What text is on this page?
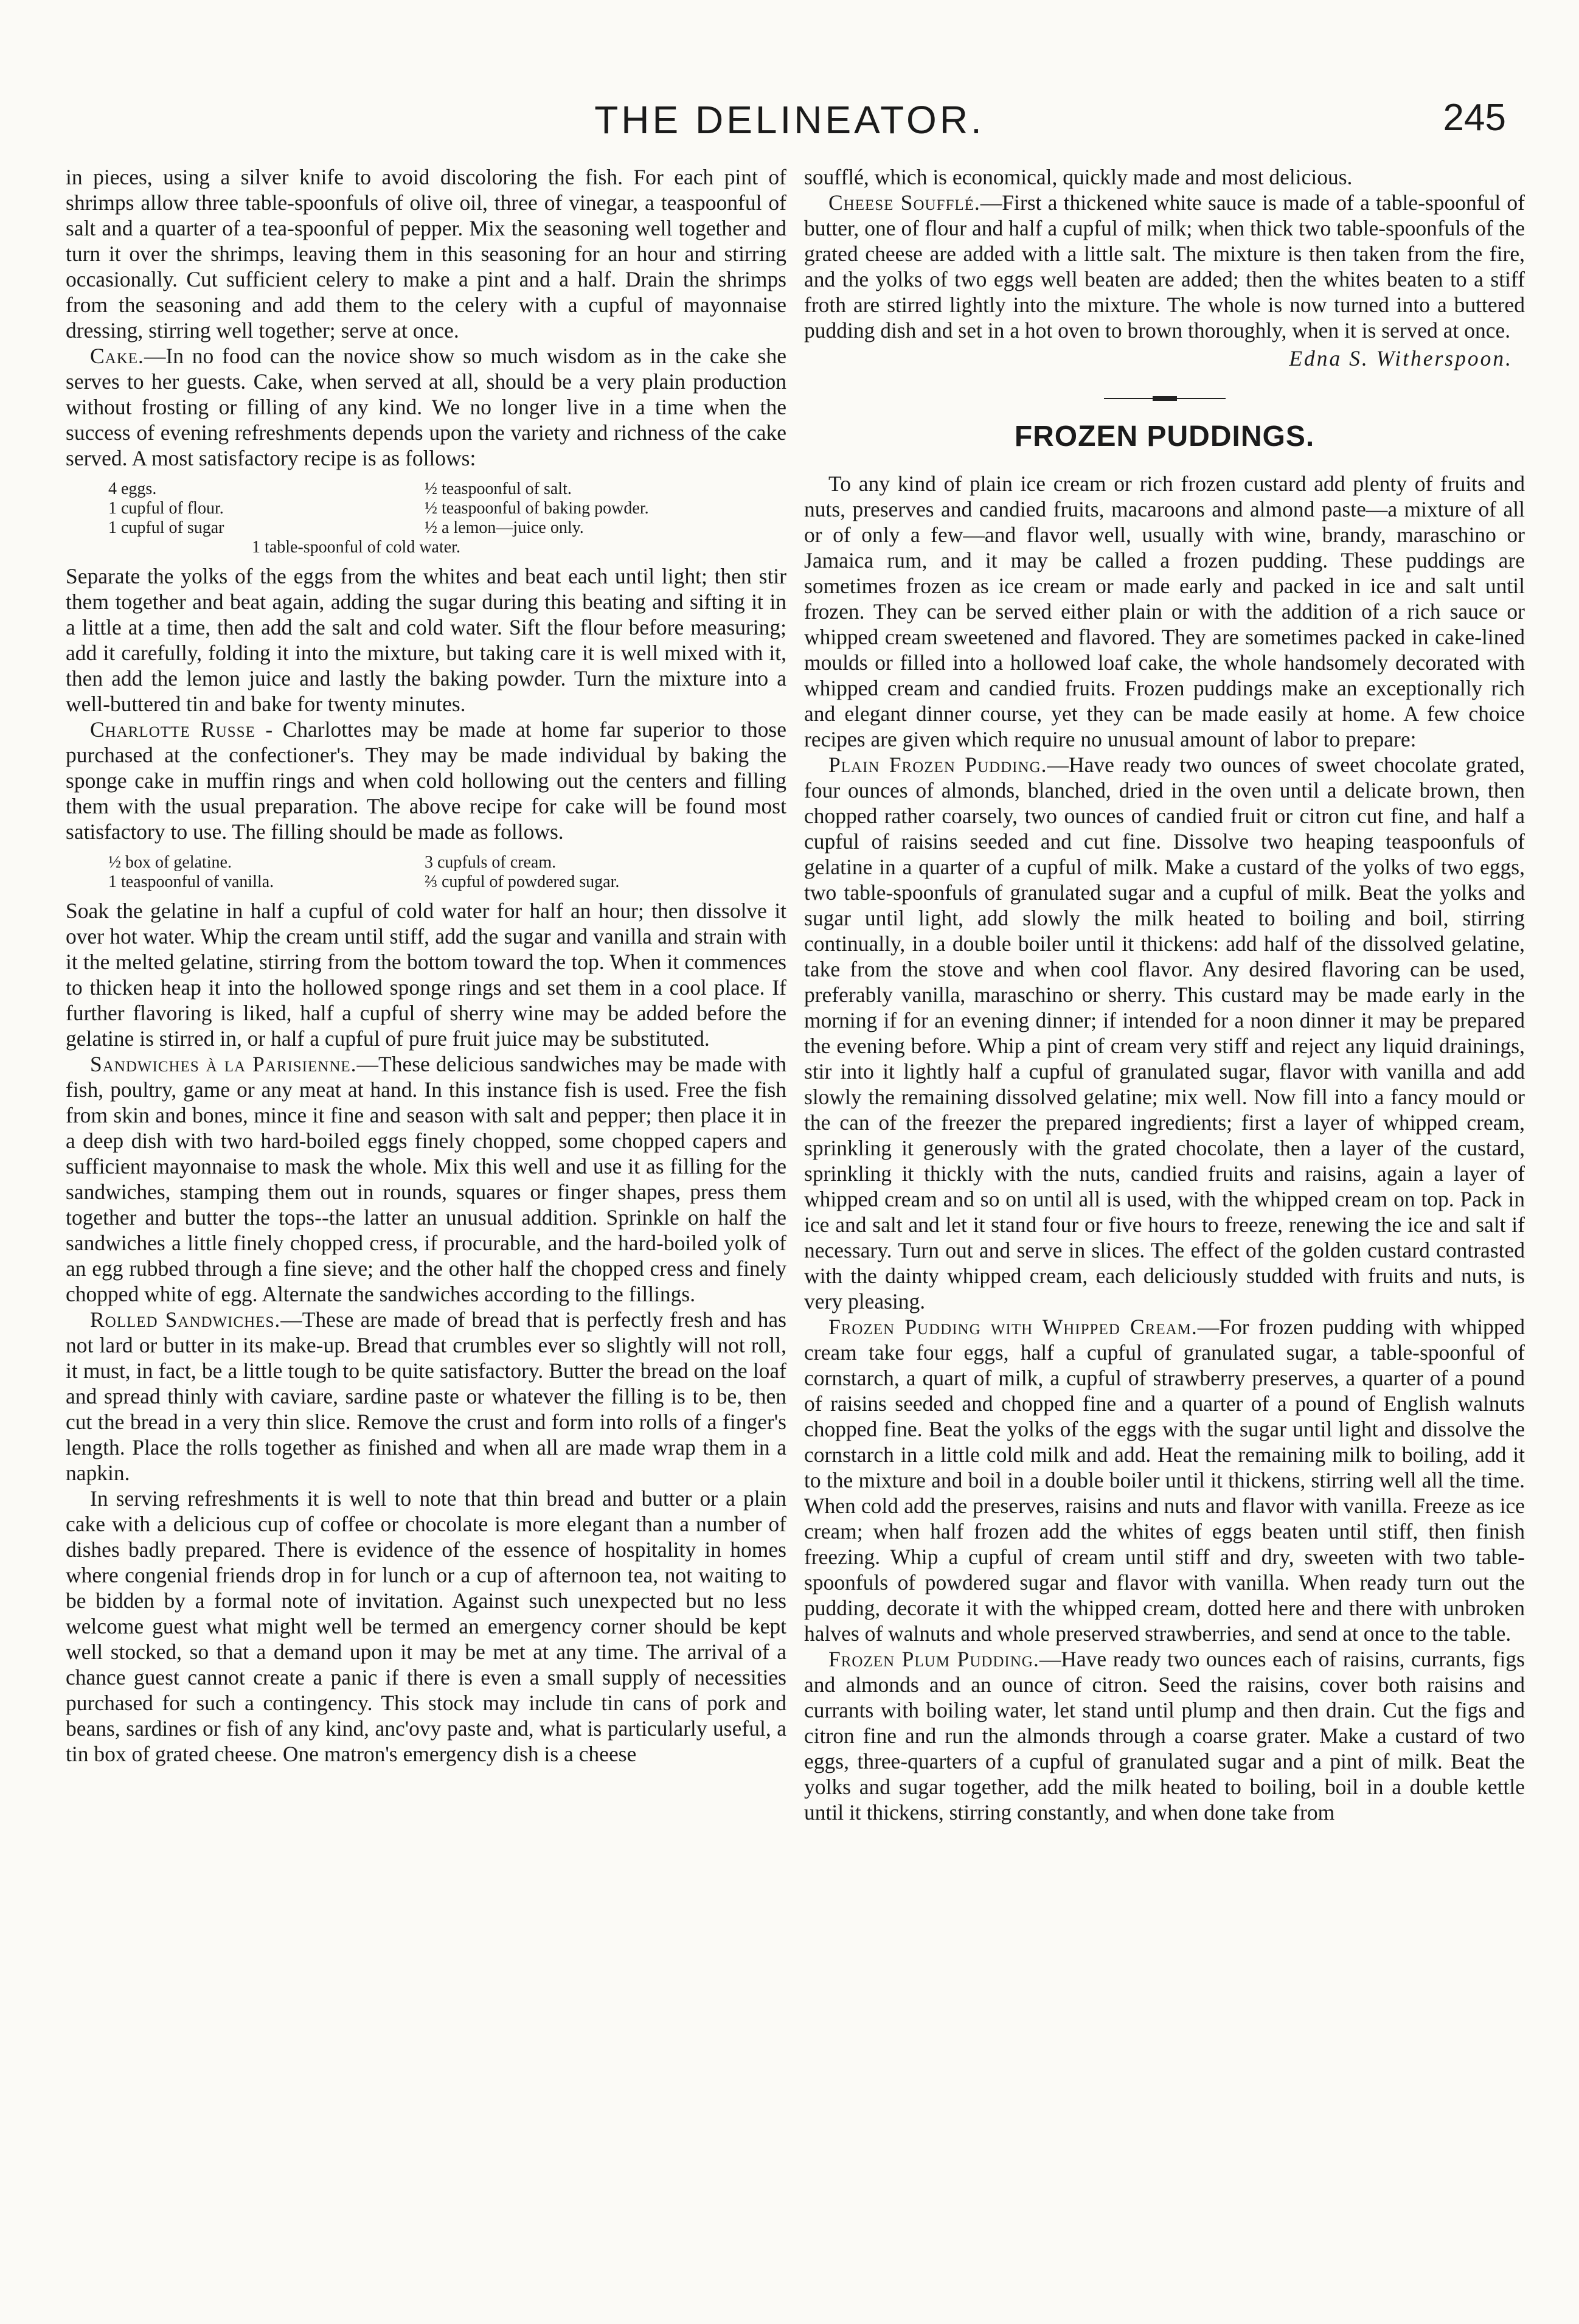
THE DELINEATOR.	245

in pieces, using a silver knife to avoid discoloring the fish. For each pint of shrimps allow three table-spoonfuls of olive oil, three of vinegar, a teaspoonful of salt and a quarter of a tea-spoonful of pepper. Mix the seasoning well together and turn it over the shrimps, leaving them in this seasoning for an hour and stirring occasionally. Cut sufficient celery to make a pint and a half. Drain the shrimps from the seasoning and add them to the celery with a cupful of mayonnaise dressing, stirring well together; serve at once.

Cake.—In no food can the novice show so much wisdom as in the cake she serves to her guests. Cake, when served at all, should be a very plain production without frosting or filling of any kind. We no longer live in a time when the success of evening refreshments depends upon the variety and richness of the cake served. A most satisfactory recipe is as follows:

4 eggs.	½ teaspoonful of salt.
1 cupful of flour.	½ teaspoonful of baking powder.
1 cupful of sugar	½ a lemon—juice only.
1 table-spoonful of cold water.

Separate the yolks of the eggs from the whites and beat each until light; then stir them together and beat again, adding the sugar during this beating and sifting it in a little at a time, then add the salt and cold water. Sift the flour before measuring; add it carefully, folding it into the mixture, but taking care it is well mixed with it, then add the lemon juice and lastly the baking powder. Turn the mixture into a well-buttered tin and bake for twenty minutes.

Charlotte Russe - Charlottes may be made at home far superior to those purchased at the confectioner's. They may be made individual by baking the sponge cake in muffin rings and when cold hollowing out the centers and filling them with the usual preparation. The above recipe for cake will be found most satisfactory to use. The filling should be made as follows.

½ box of gelatine.	3 cupfuls of cream.
1 teaspoonful of vanilla.	⅔ cupful of powdered sugar.

Soak the gelatine in half a cupful of cold water for half an hour; then dissolve it over hot water. Whip the cream until stiff, add the sugar and vanilla and strain with it the melted gelatine, stirring from the bottom toward the top. When it commences to thicken heap it into the hollowed sponge rings and set them in a cool place. If further flavoring is liked, half a cupful of sherry wine may be added before the gelatine is stirred in, or half a cupful of pure fruit juice may be substituted.

Sandwiches à la Parisienne.—These delicious sandwiches may be made with fish, poultry, game or any meat at hand. In this instance fish is used. Free the fish from skin and bones, mince it fine and season with salt and pepper; then place it in a deep dish with two hard-boiled eggs finely chopped, some chopped capers and sufficient mayonnaise to mask the whole. Mix this well and use it as filling for the sandwiches, stamping them out in rounds, squares or finger shapes, press them together and butter the tops--the latter an unusual addition. Sprinkle on half the sandwiches a little finely chopped cress, if procurable, and the hard-boiled yolk of an egg rubbed through a fine sieve; and the other half the chopped cress and finely chopped white of egg. Alternate the sandwiches according to the fillings.

Rolled Sandwiches.—These are made of bread that is perfectly fresh and has not lard or butter in its make-up. Bread that crumbles ever so slightly will not roll, it must, in fact, be a little tough to be quite satisfactory. Butter the bread on the loaf and spread thinly with caviare, sardine paste or whatever the filling is to be, then cut the bread in a very thin slice. Remove the crust and form into rolls of a finger's length. Place the rolls together as finished and when all are made wrap them in a napkin.

In serving refreshments it is well to note that thin bread and butter or a plain cake with a delicious cup of coffee or chocolate is more elegant than a number of dishes badly prepared. There is evidence of the essence of hospitality in homes where congenial friends drop in for lunch or a cup of afternoon tea, not waiting to be bidden by a formal note of invitation. Against such unexpected but no less welcome guest what might well be termed an emergency corner should be kept well stocked, so that a demand upon it may be met at any time. The arrival of a chance guest cannot create a panic if there is even a small supply of necessities purchased for such a contingency. This stock may include tin cans of pork and beans, sardines or fish of any kind, anc'ovy paste and, what is particularly useful, a tin box of grated cheese. One matron's emergency dish is a cheese

soufflé, which is economical, quickly made and most delicious.

Cheese Soufflé.—First a thickened white sauce is made of a table-spoonful of butter, one of flour and half a cupful of milk; when thick two table-spoonfuls of the grated cheese are added with a little salt. The mixture is then taken from the fire, and the yolks of two eggs well beaten are added; then the whites beaten to a stiff froth are stirred lightly into the mixture. The whole is now turned into a buttered pudding dish and set in a hot oven to brown thoroughly, when it is served at once.

Edna S. Witherspoon.
FROZEN PUDDINGS.

To any kind of plain ice cream or rich frozen custard add plenty of fruits and nuts, preserves and candied fruits, macaroons and almond paste—a mixture of all or of only a few—and flavor well, usually with wine, brandy, maraschino or Jamaica rum, and it may be called a frozen pudding. These puddings are sometimes frozen as ice cream or made early and packed in ice and salt until frozen. They can be served either plain or with the addition of a rich sauce or whipped cream sweetened and flavored. They are sometimes packed in cake-lined moulds or filled into a hollowed loaf cake, the whole handsomely decorated with whipped cream and candied fruits. Frozen puddings make an exceptionally rich and elegant dinner course, yet they can be made easily at home. A few choice recipes are given which require no unusual amount of labor to prepare:

Plain Frozen Pudding.—Have ready two ounces of sweet chocolate grated, four ounces of almonds, blanched, dried in the oven until a delicate brown, then chopped rather coarsely, two ounces of candied fruit or citron cut fine, and half a cupful of raisins seeded and cut fine. Dissolve two heaping teaspoonfuls of gelatine in a quarter of a cupful of milk. Make a custard of the yolks of two eggs, two table-spoonfuls of granulated sugar and a cupful of milk. Beat the yolks and sugar until light, add slowly the milk heated to boiling and boil, stirring continually, in a double boiler until it thickens: add half of the dissolved gelatine, take from the stove and when cool flavor. Any desired flavoring can be used, preferably vanilla, maraschino or sherry. This custard may be made early in the morning if for an evening dinner; if intended for a noon dinner it may be prepared the evening before. Whip a pint of cream very stiff and reject any liquid drainings, stir into it lightly half a cupful of granulated sugar, flavor with vanilla and add slowly the remaining dissolved gelatine; mix well. Now fill into a fancy mould or the can of the freezer the prepared ingredients; first a layer of whipped cream, sprinkling it generously with the grated chocolate, then a layer of the custard, sprinkling it thickly with the nuts, candied fruits and raisins, again a layer of whipped cream and so on until all is used, with the whipped cream on top. Pack in ice and salt and let it stand four or five hours to freeze, renewing the ice and salt if necessary. Turn out and serve in slices. The effect of the golden custard contrasted with the dainty whipped cream, each deliciously studded with fruits and nuts, is very pleasing.

Frozen Pudding with Whipped Cream.—For frozen pudding with whipped cream take four eggs, half a cupful of granulated sugar, a table-spoonful of cornstarch, a quart of milk, a cupful of strawberry preserves, a quarter of a pound of raisins seeded and chopped fine and a quarter of a pound of English walnuts chopped fine. Beat the yolks of the eggs with the sugar until light and dissolve the cornstarch in a little cold milk and add. Heat the remaining milk to boiling, add it to the mixture and boil in a double boiler until it thickens, stirring well all the time. When cold add the preserves, raisins and nuts and flavor with vanilla. Freeze as ice cream; when half frozen add the whites of eggs beaten until stiff, then finish freezing. Whip a cupful of cream until stiff and dry, sweeten with two table-spoonfuls of powdered sugar and flavor with vanilla. When ready turn out the pudding, decorate it with the whipped cream, dotted here and there with unbroken halves of walnuts and whole preserved strawberries, and send at once to the table.

Frozen Plum Pudding.—Have ready two ounces each of raisins, currants, figs and almonds and an ounce of citron. Seed the raisins, cover both raisins and currants with boiling water, let stand until plump and then drain. Cut the figs and citron fine and run the almonds through a coarse grater. Make a custard of two eggs, three-quarters of a cupful of granulated sugar and a pint of milk. Beat the yolks and sugar together, add the milk heated to boiling, boil in a double kettle until it thickens, stirring constantly, and when done take from
